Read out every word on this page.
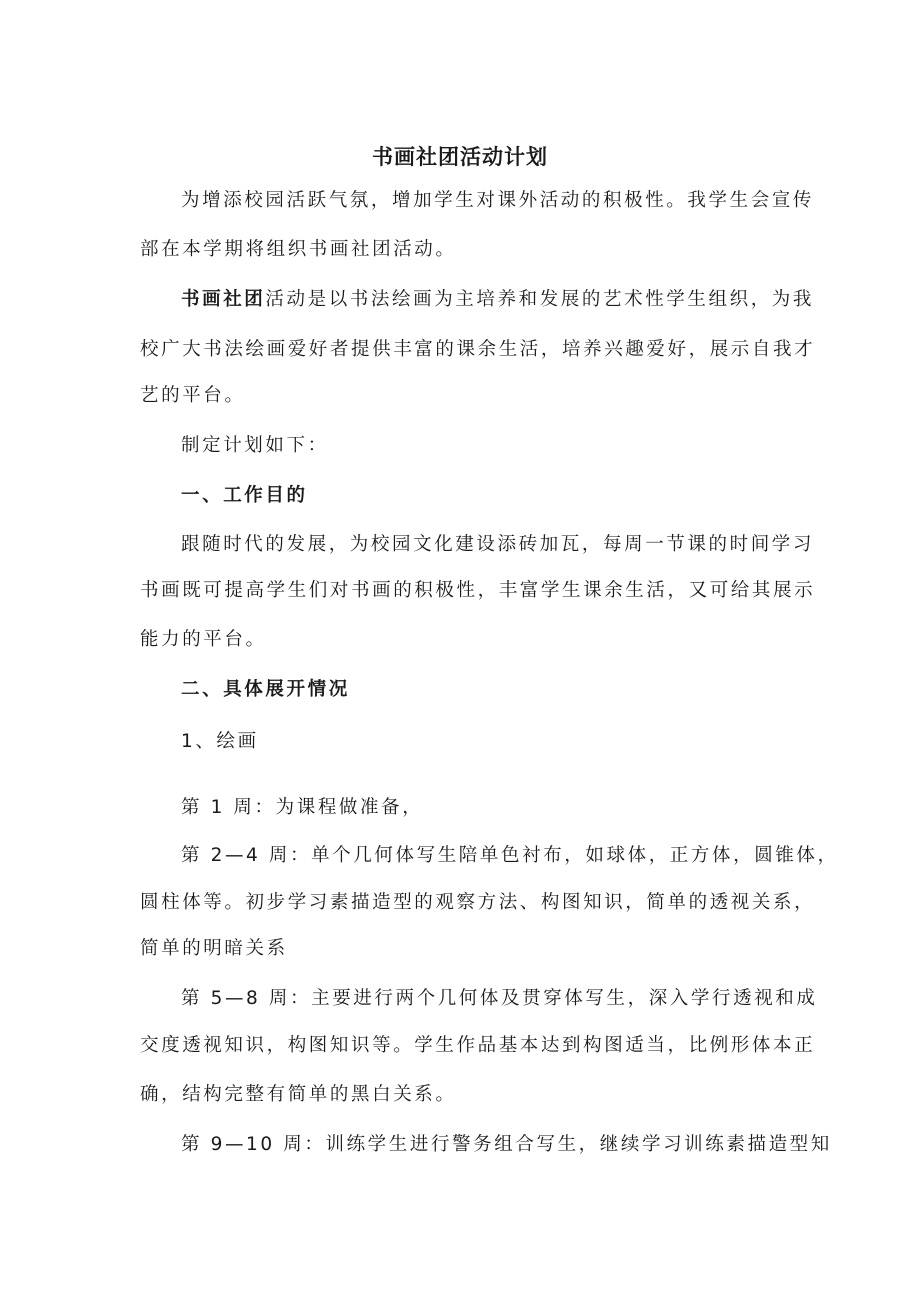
书画社团活动计划

为增添校园活跃气氛，增加学生对课外活动的积极性。我学生会宣传

部在本学期将组织书画社团活动。

书画社团活动是以书法绘画为主培养和发展的艺术性学生组织，为我

校广大书法绘画爱好者提供丰富的课余生活，培养兴趣爱好，展示自我才

艺的平台。

制定计划如下：

一、工作目的

跟随时代的发展，为校园文化建设添砖加瓦，每周一节课的时间学习

书画既可提高学生们对书画的积极性，丰富学生课余生活，又可给其展示

能力的平台。

二、具体展开情况

1、绘画

第 1 周：为课程做准备，

第 2—4 周：单个几何体写生陪单色衬布，如球体，正方体，圆锥体，

圆柱体等。初步学习素描造型的观察方法、构图知识，简单的透视关系，

简单的明暗关系

第 5—8 周：主要进行两个几何体及贯穿体写生，深入学行透视和成

交度透视知识，构图知识等。学生作品基本达到构图适当，比例形体本正

确，结构完整有简单的黑白关系。

第 9—10 周：训练学生进行警务组合写生，继续学习训练素描造型知
